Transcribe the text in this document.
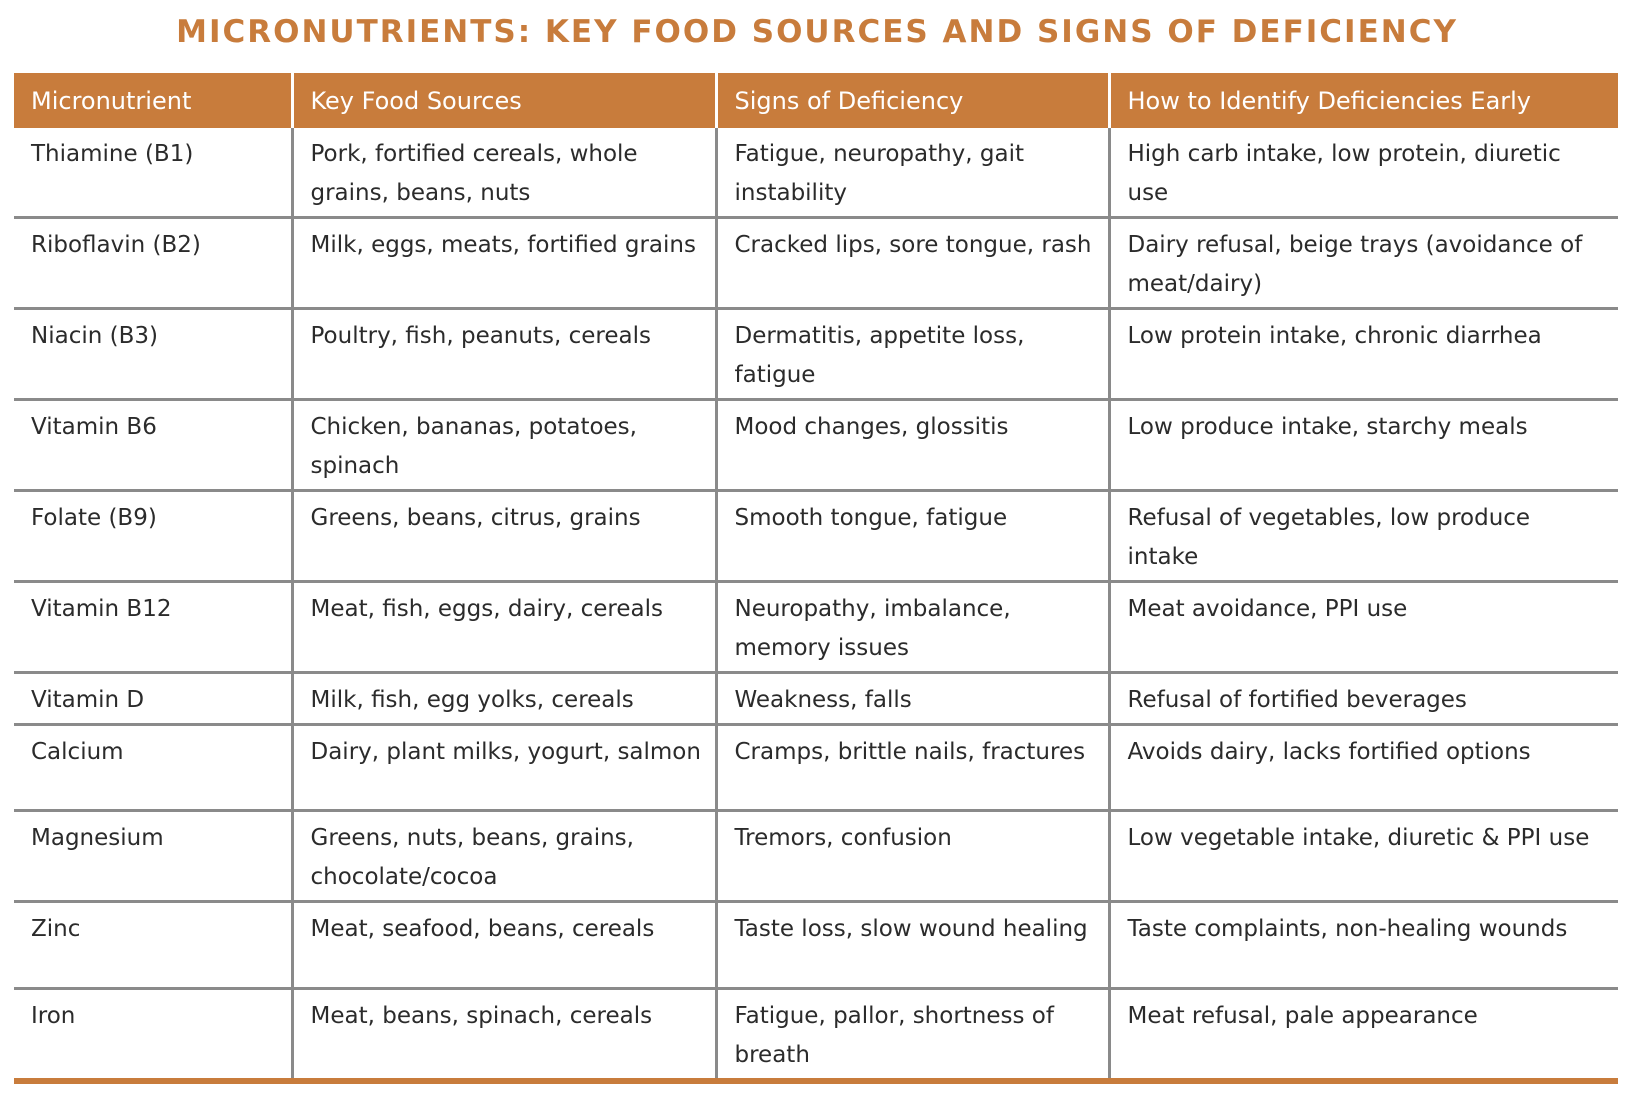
MICRONUTRIENTS: KEY FOOD SOURCES AND SIGNS OF DEFICIENCY
Micronutrient	Key Food Sources	Signs of Deficiency	How to Identify Deficiencies Early
Thiamine (B1)	Pork, fortified cereals, whole grains, beans, nuts	Fatigue, neuropathy, gait instability	High carb intake, low protein, diuretic use
Riboflavin (B2)	Milk, eggs, meats, fortified grains	Cracked lips, sore tongue, rash	Dairy refusal, beige trays (avoidance of meat/dairy)
Niacin (B3)	Poultry, fish, peanuts, cereals	Dermatitis, appetite loss, fatigue	Low protein intake, chronic diarrhea
Vitamin B6	Chicken, bananas, potatoes, spinach	Mood changes, glossitis	Low produce intake, starchy meals
Folate (B9)	Greens, beans, citrus, grains	Smooth tongue, fatigue	Refusal of vegetables, low produce intake
Vitamin B12	Meat, fish, eggs, dairy, cereals	Neuropathy, imbalance, memory issues	Meat avoidance, PPI use
Vitamin D	Milk, fish, egg yolks, cereals	Weakness, falls	Refusal of fortified beverages
Calcium	Dairy, plant milks, yogurt, salmon	Cramps, brittle nails, fractures	Avoids dairy, lacks fortified options
Magnesium	Greens, nuts, beans, grains, chocolate/cocoa	Tremors, confusion	Low vegetable intake, diuretic & PPI use
Zinc	Meat, seafood, beans, cereals	Taste loss, slow wound healing	Taste complaints, non-healing wounds
Iron	Meat, beans, spinach, cereals	Fatigue, pallor, shortness of breath	Meat refusal, pale appearance
